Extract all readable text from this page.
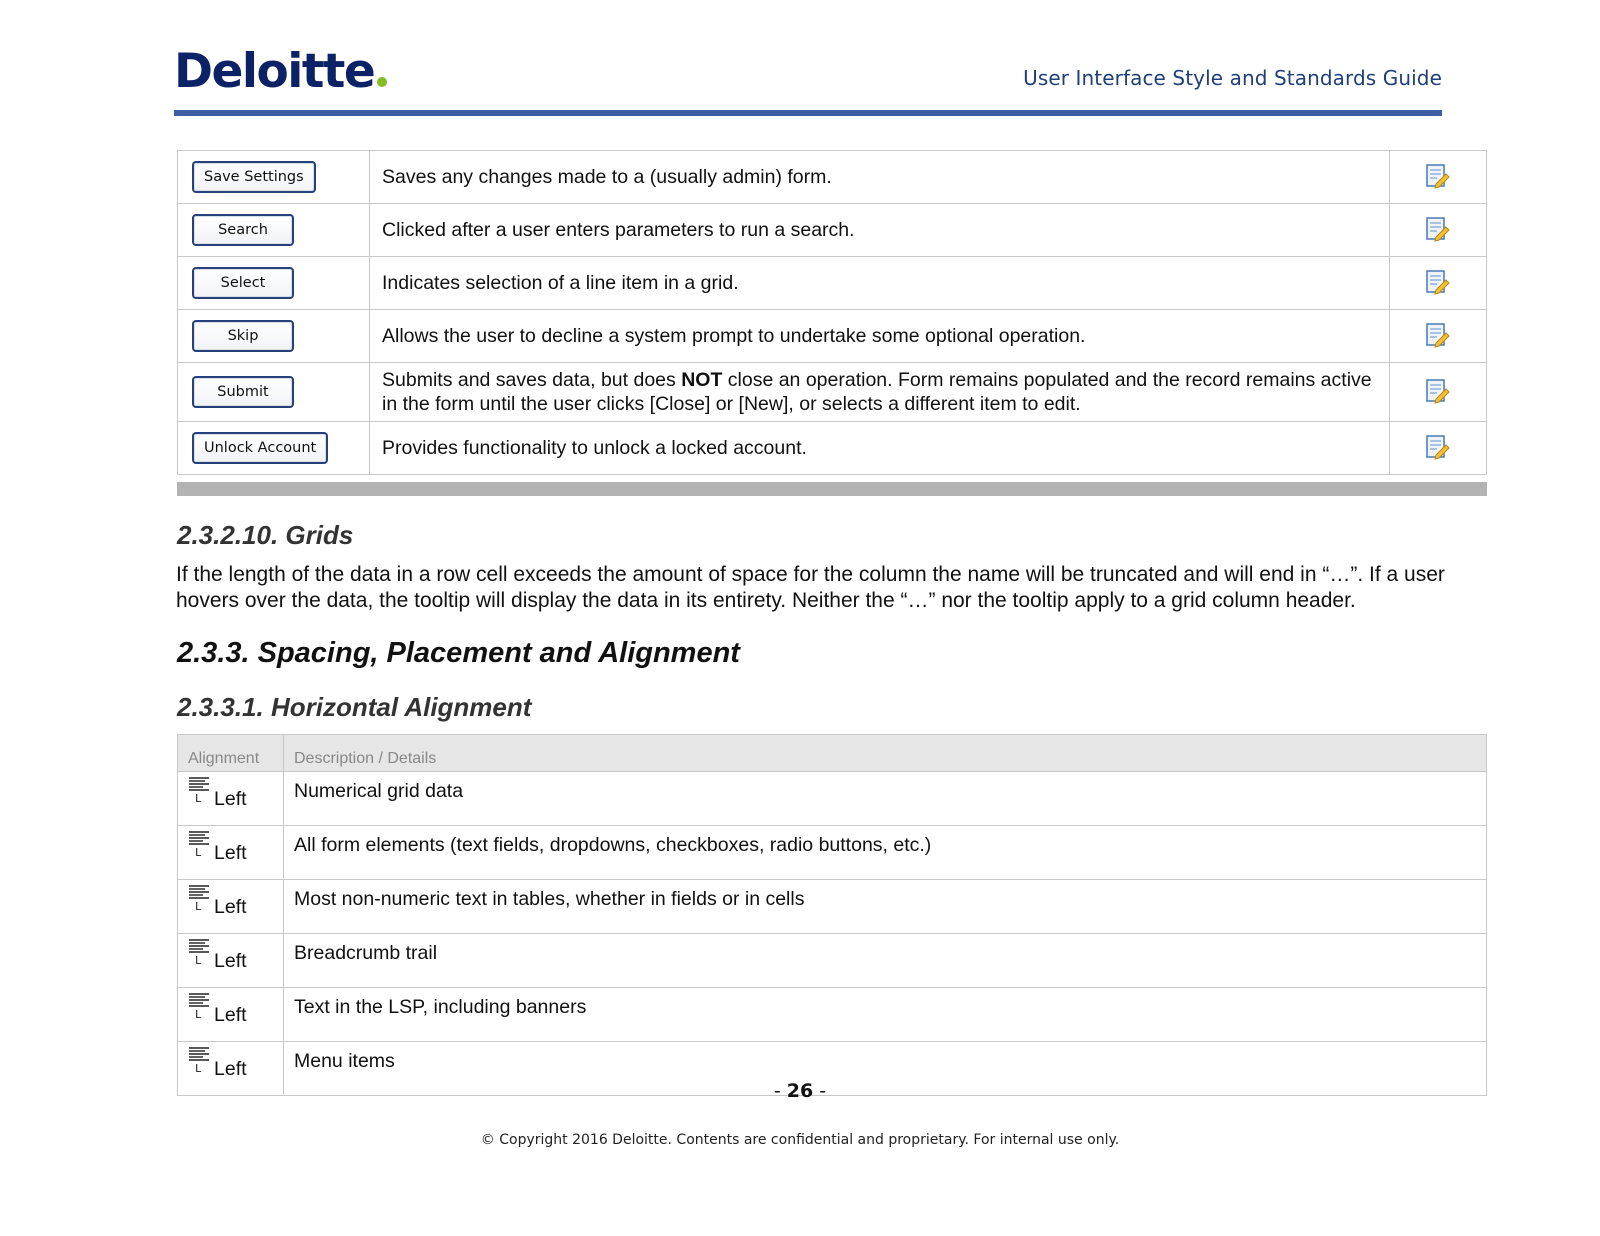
Deloitte	User Interface Style and Standards Guide
Save Settings	Saves any changes made to a (usually admin) form.	
Search	Clicked after a user enters parameters to run a search.	
Select	Indicates selection of a line item in a grid.	
Skip	Allows the user to decline a system prompt to undertake some optional operation.	
Submit	Submits and saves data, but does NOT close an operation. Form remains populated and the record remains active in the form until the user clicks [Close] or [New], or selects a different item to edit.	
Unlock Account	Provides functionality to unlock a locked account.	
2.3.2.10. Grids
If the length of the data in a row cell exceeds the amount of space for the column the name will be truncated and will end in “…”. If a user hovers over the data, the tooltip will display the data in its entirety. Neither the “…” nor the tooltip apply to a grid column header.
2.3.3. Spacing, Placement and Alignment
2.3.3.1. Horizontal Alignment
Alignment	Description / Details

L Left	Numerical grid data

L Left	All form elements (text fields, dropdowns, checkboxes, radio buttons, etc.)

L Left	Most non-numeric text in tables, whether in fields or in cells

L Left	Breadcrumb trail

L Left	Text in the LSP, including banners

L Left	Menu items
- 26 -
© Copyright 2016 Deloitte. Contents are confidential and proprietary. For internal use only.
